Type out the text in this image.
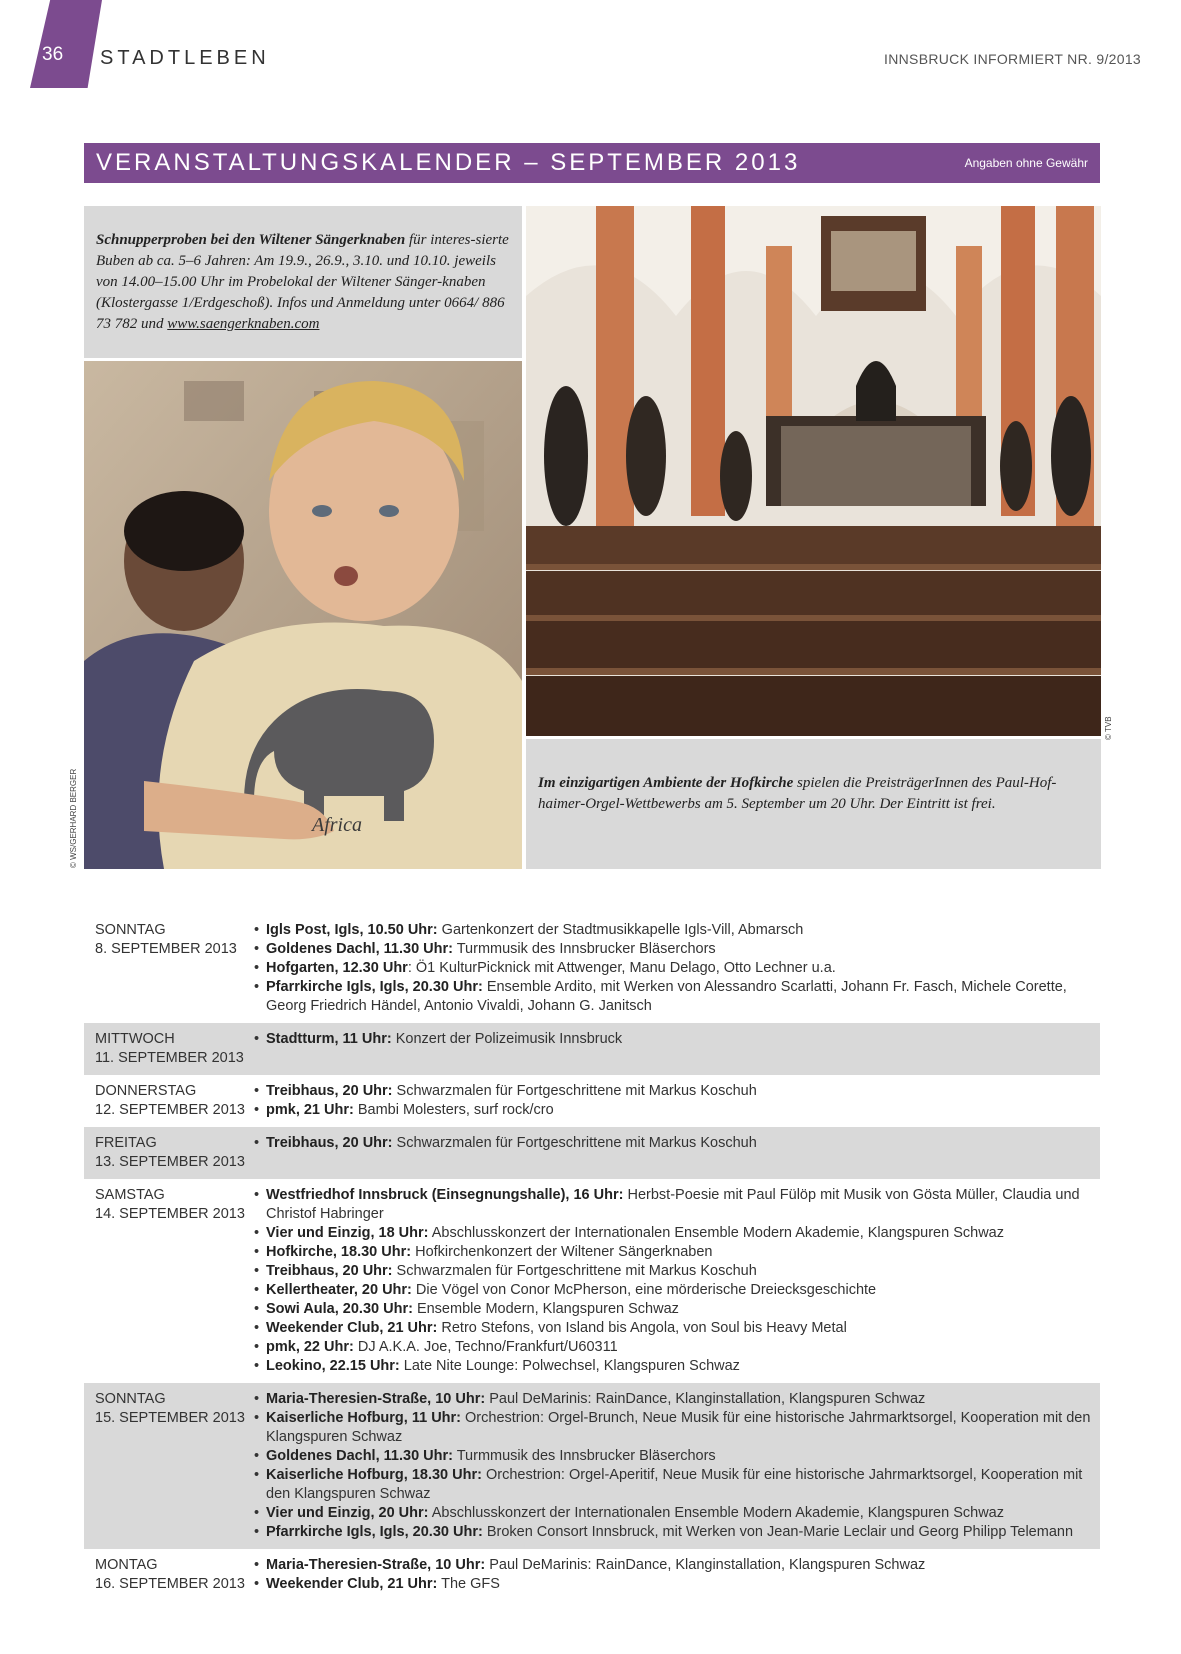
36 STADTLEBEN	INNSBRUCK INFORMIERT NR. 9/2013
VERANSTALTUNGSKALENDER – SEPTEMBER 2013	Angaben ohne Gewähr
Schnupperproben bei den Wiltener Sängerknaben für interes-sierte Buben ab ca. 5–6 Jahren: Am 19.9., 26.9., 3.10. und 10.10. jeweils von 14.00–15.00 Uhr im Probelokal der Wiltener Sänger-knaben (Klostergasse 1/Erdgeschoß). Infos und Anmeldung unter 0664/ 886 73 782 und www.saengerknaben.com
Africa
Im einzigartigen Ambiente der Hofkirche spielen die PreisträgerInnen des Paul-Hof-haimer-Orgel-Wettbewerbs am 5. September um 20 Uhr. Der Eintritt ist frei.
© WS/GERHARD BERGER
© TVB
SONNTAG
8. SEPTEMBER 2013
• Igls Post, Igls, 10.50 Uhr: Gartenkonzert der Stadtmusikkapelle Igls-Vill, Abmarsch
• Goldenes Dachl, 11.30 Uhr: Turmmusik des Innsbrucker Bläserchors
• Hofgarten, 12.30 Uhr: Ö1 KulturPicknick mit Attwenger, Manu Delago, Otto Lechner u.a.
• Pfarrkirche Igls, Igls, 20.30 Uhr: Ensemble Ardito, mit Werken von Alessandro Scarlatti, Johann Fr. Fasch, Michele Corette, Georg Friedrich Händel, Antonio Vivaldi, Johann G. Janitsch
MITTWOCH
11. SEPTEMBER 2013
• Stadtturm, 11 Uhr: Konzert der Polizeimusik Innsbruck
DONNERSTAG
12. SEPTEMBER 2013
• Treibhaus, 20 Uhr: Schwarzmalen für Fortgeschrittene mit Markus Koschuh
• pmk, 21 Uhr: Bambi Molesters, surf rock/cro
FREITAG
13. SEPTEMBER 2013
• Treibhaus, 20 Uhr: Schwarzmalen für Fortgeschrittene mit Markus Koschuh
SAMSTAG
14. SEPTEMBER 2013
• Westfriedhof Innsbruck (Einsegnungshalle), 16 Uhr: Herbst-Poesie mit Paul Fülöp mit Musik von Gösta Müller, Claudia und Christof Habringer
• Vier und Einzig, 18 Uhr: Abschlusskonzert der Internationalen Ensemble Modern Akademie, Klangspuren Schwaz
• Hofkirche, 18.30 Uhr: Hofkirchenkonzert der Wiltener Sängerknaben
• Treibhaus, 20 Uhr: Schwarzmalen für Fortgeschrittene mit Markus Koschuh
• Kellertheater, 20 Uhr: Die Vögel von Conor McPherson, eine mörderische Dreiecksgeschichte
• Sowi Aula, 20.30 Uhr: Ensemble Modern, Klangspuren Schwaz
• Weekender Club, 21 Uhr: Retro Stefons, von Island bis Angola, von Soul bis Heavy Metal
• pmk, 22 Uhr: DJ A.K.A. Joe, Techno/Frankfurt/U60311
• Leokino, 22.15 Uhr: Late Nite Lounge: Polwechsel, Klangspuren Schwaz
SONNTAG
15. SEPTEMBER 2013
• Maria-Theresien-Straße, 10 Uhr: Paul DeMarinis: RainDance, Klanginstallation, Klangspuren Schwaz
• Kaiserliche Hofburg, 11 Uhr: Orchestrion: Orgel-Brunch, Neue Musik für eine historische Jahrmarktsorgel, Kooperation mit den Klangspuren Schwaz
• Goldenes Dachl, 11.30 Uhr: Turmmusik des Innsbrucker Bläserchors
• Kaiserliche Hofburg, 18.30 Uhr: Orchestrion: Orgel-Aperitif, Neue Musik für eine historische Jahrmarktsorgel, Kooperation mit den Klangspuren Schwaz
• Vier und Einzig, 20 Uhr: Abschlusskonzert der Internationalen Ensemble Modern Akademie, Klangspuren Schwaz
• Pfarrkirche Igls, Igls, 20.30 Uhr: Broken Consort Innsbruck, mit Werken von Jean-Marie Leclair und Georg Philipp Telemann
MONTAG
16. SEPTEMBER 2013
• Maria-Theresien-Straße, 10 Uhr: Paul DeMarinis: RainDance, Klanginstallation, Klangspuren Schwaz
• Weekender Club, 21 Uhr: The GFS
